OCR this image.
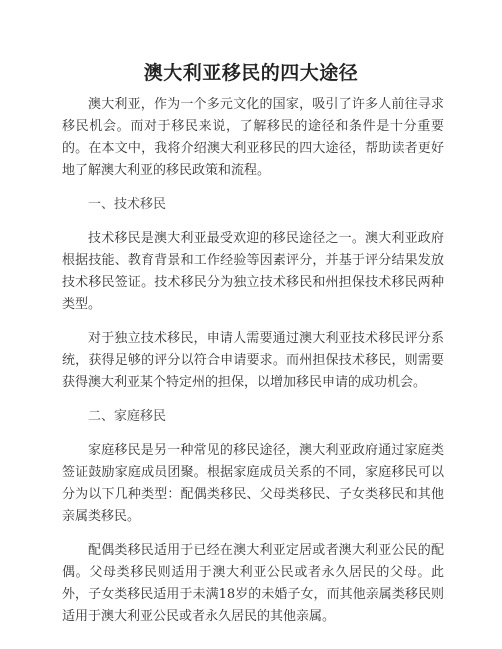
澳大利亚移民的四大途径

澳大利亚，作为一个多元文化的国家，吸引了许多人前往寻求移民机会。而对于移民来说，了解移民的途径和条件是十分重要的。在本文中，我将介绍澳大利亚移民的四大途径，帮助读者更好地了解澳大利亚的移民政策和流程。

一、技术移民

技术移民是澳大利亚最受欢迎的移民途径之一。澳大利亚政府根据技能、教育背景和工作经验等因素评分，并基于评分结果发放技术移民签证。技术移民分为独立技术移民和州担保技术移民两种类型。

对于独立技术移民，申请人需要通过澳大利亚技术移民评分系统，获得足够的评分以符合申请要求。而州担保技术移民，则需要获得澳大利亚某个特定州的担保，以增加移民申请的成功机会。

二、家庭移民

家庭移民是另一种常见的移民途径，澳大利亚政府通过家庭类签证鼓励家庭成员团聚。根据家庭成员关系的不同，家庭移民可以分为以下几种类型：配偶类移民、父母类移民、子女类移民和其他亲属类移民。

配偶类移民适用于已经在澳大利亚定居或者澳大利亚公民的配偶。父母类移民则适用于澳大利亚公民或者永久居民的父母。此外，子女类移民适用于未满18岁的未婚子女，而其他亲属类移民则适用于澳大利亚公民或者永久居民的其他亲属。
